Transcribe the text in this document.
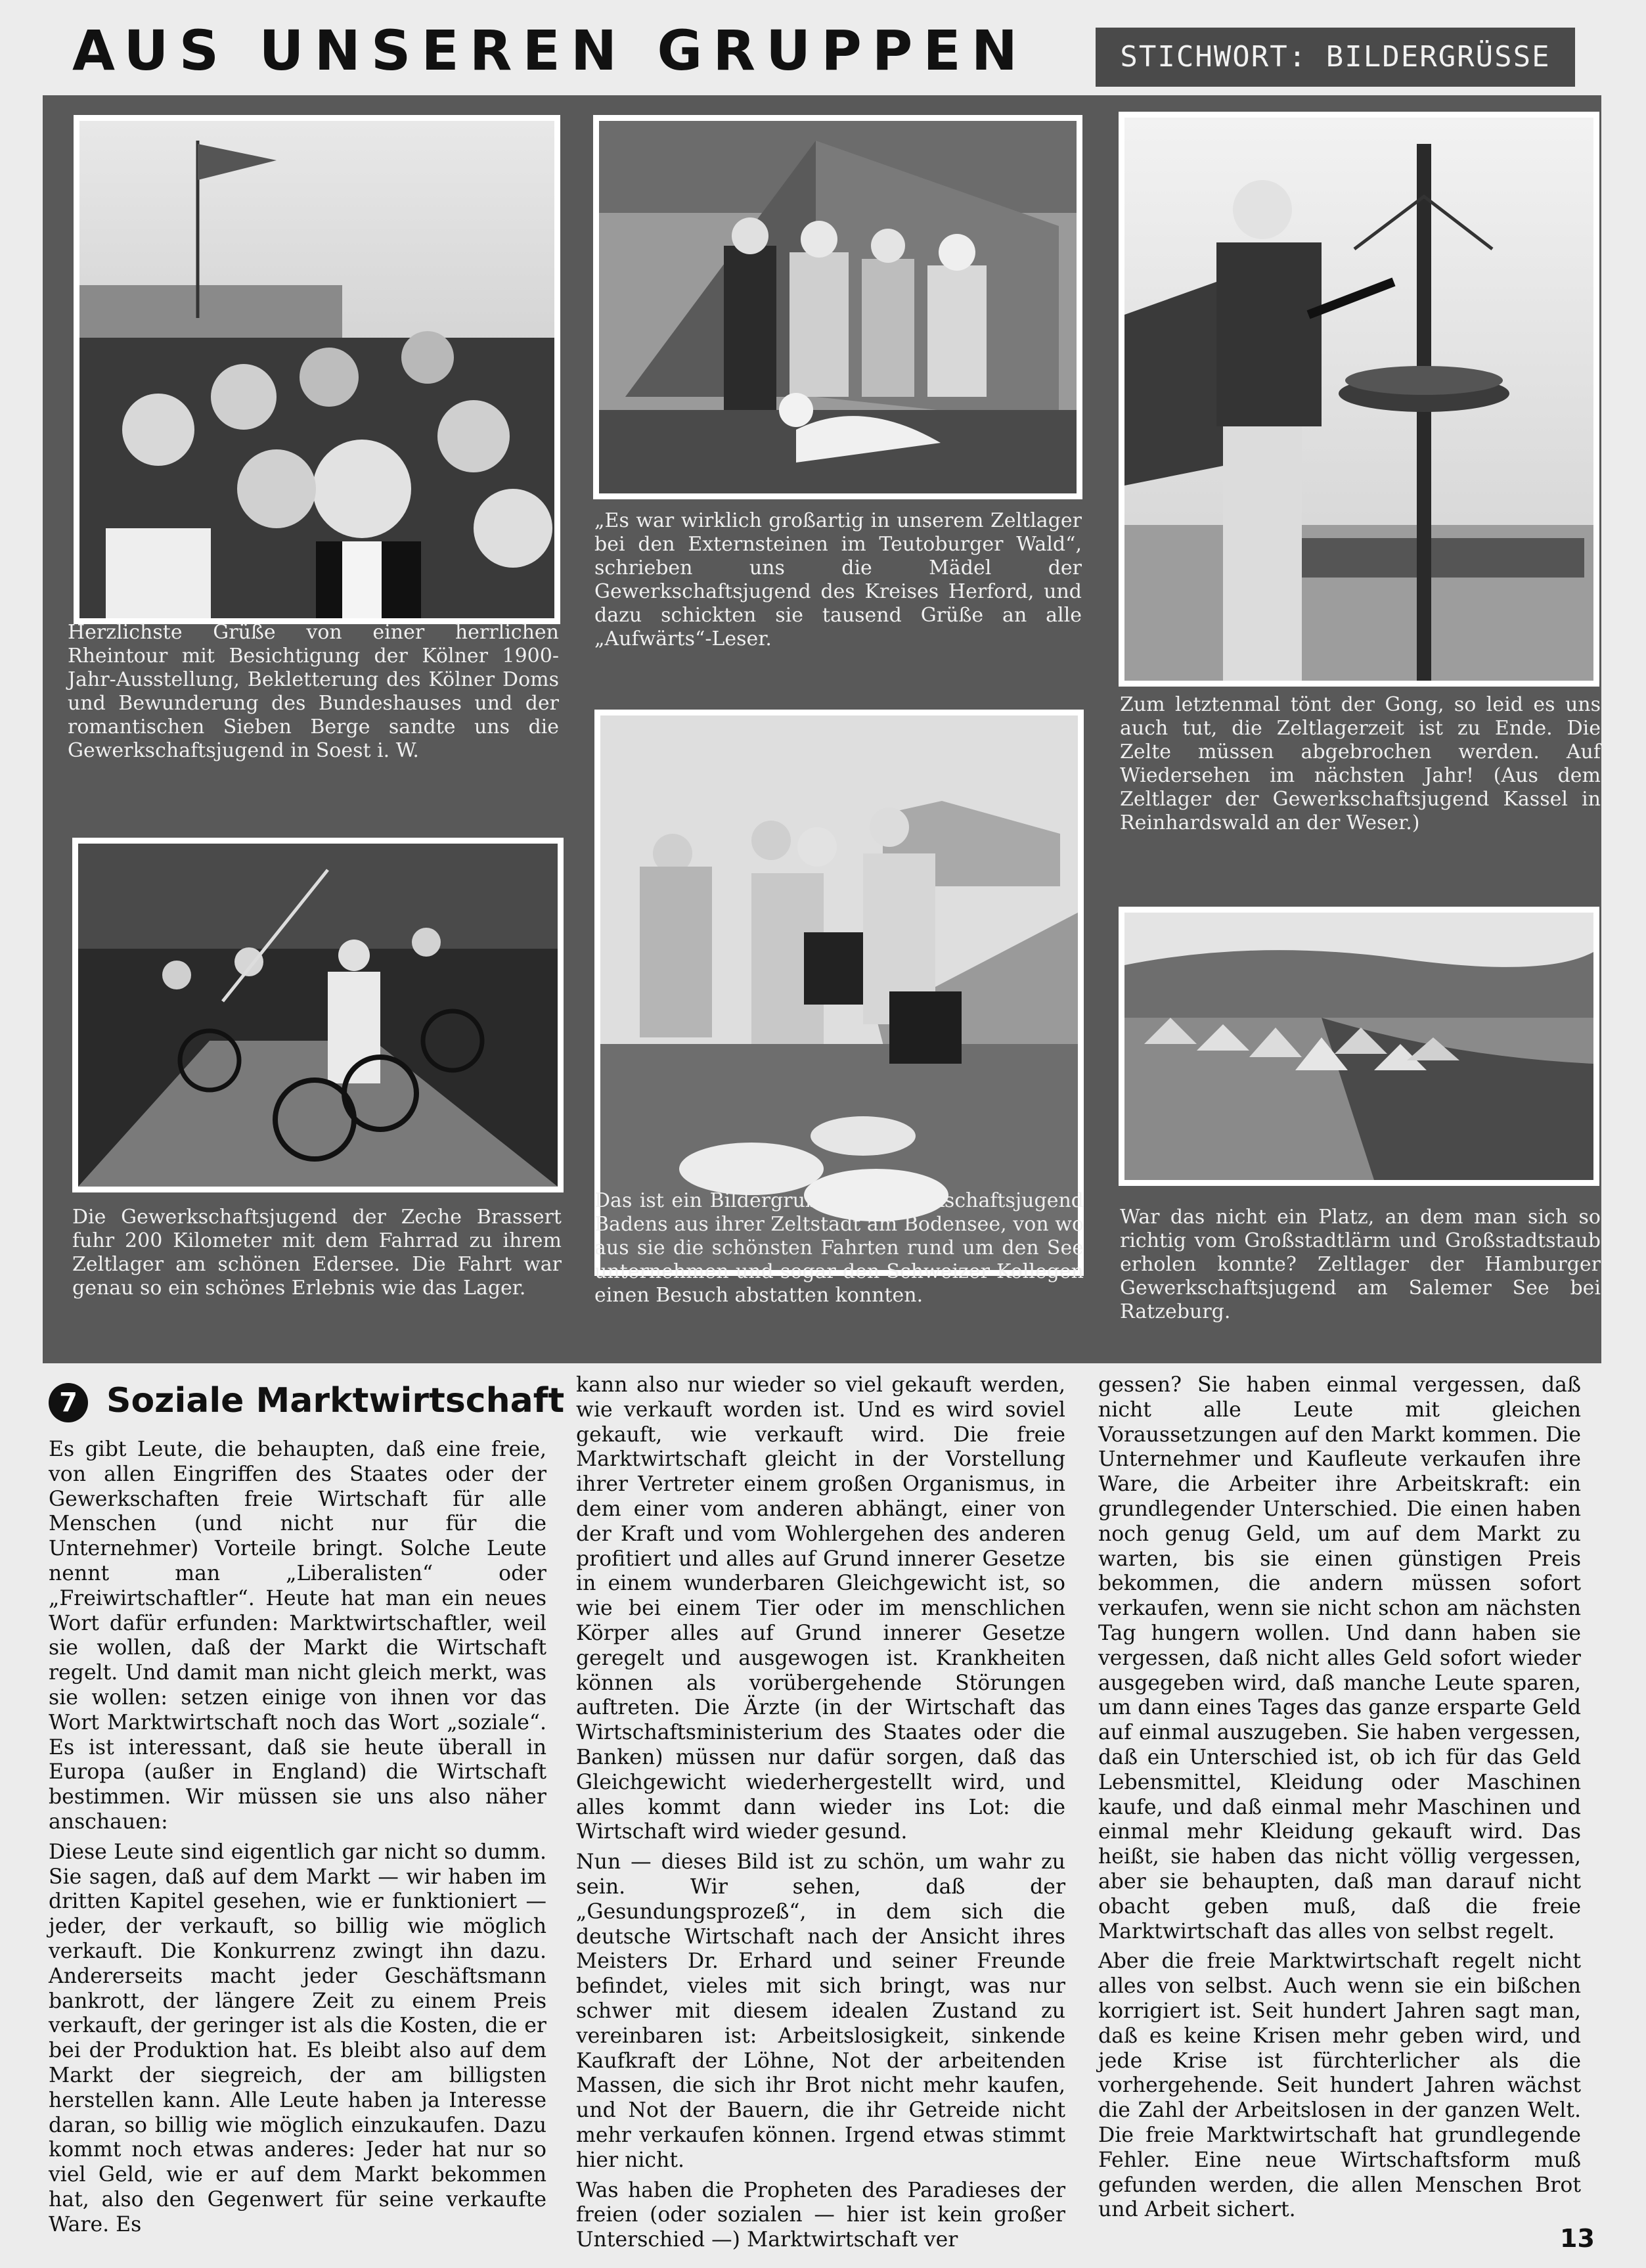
AUS UNSEREN GRUPPEN	STICHWORT: BILDERGRÜSSE
Herzlichste Grüße von einer herrlichen Rheintour mit Besichtigung der Kölner 1900-Jahr-Ausstellung, Bekletterung des Kölner Doms und Bewunderung des Bundeshauses und der romantischen Sieben Berge sandte uns die Gewerkschaftsjugend in Soest i. W.
„Es war wirklich großartig in unserem Zeltlager bei den Externsteinen im Teutoburger Wald“, schrieben uns die Mädel der Gewerkschaftsjugend des Kreises Herford, und dazu schickten sie tausend Grüße an alle „Aufwärts“-Leser.
Zum letztenmal tönt der Gong, so leid es uns auch tut, die Zeltlagerzeit ist zu Ende. Die Zelte müssen abgebrochen werden. Auf Wiedersehen im nächsten Jahr! (Aus dem Zeltlager der Gewerkschaftsjugend Kassel in Reinhardswald an der Weser.)
Die Gewerkschaftsjugend der Zeche Brassert fuhr 200 Kilometer mit dem Fahrrad zu ihrem Zeltlager am schönen Edersee. Die Fahrt war genau so ein schönes Erlebnis wie das Lager.
Das ist ein Bildergruß der Gewerkschaftsjugend Badens aus ihrer Zeltstadt am Bodensee, von wo aus sie die schönsten Fahrten rund um den See unternehmen und sogar den Schweizer Kollegen einen Besuch abstatten konnten.
War das nicht ein Platz, an dem man sich so richtig vom Großstadtlärm und Großstadtstaub erholen konnte? Zeltlager der Hamburger Gewerkschaftsjugend am Salemer See bei Ratzeburg.
7 Soziale Marktwirtschaft

Es gibt Leute, die behaupten, daß eine freie, von allen Eingriffen des Staates oder der Gewerkschaften freie Wirtschaft für alle Menschen (und nicht nur für die Unternehmer) Vorteile bringt. Solche Leute nennt man „Liberalisten“ oder „Freiwirtschaftler“. Heute hat man ein neues Wort dafür erfunden: Marktwirtschaftler, weil sie wollen, daß der Markt die Wirtschaft regelt. Und damit man nicht gleich merkt, was sie wollen: setzen einige von ihnen vor das Wort Marktwirtschaft noch das Wort „soziale“. Es ist interessant, daß sie heute überall in Europa (außer in England) die Wirtschaft bestimmen. Wir müssen sie uns also näher anschauen:

Diese Leute sind eigentlich gar nicht so dumm. Sie sagen, daß auf dem Markt — wir haben im dritten Kapitel gesehen, wie er funktioniert — jeder, der verkauft, so billig wie möglich verkauft. Die Konkurrenz zwingt ihn dazu. Andererseits macht jeder Geschäftsmann bankrott, der längere Zeit zu einem Preis verkauft, der geringer ist als die Kosten, die er bei der Produktion hat. Es bleibt also auf dem Markt der siegreich, der am billigsten herstellen kann. Alle Leute haben ja Interesse daran, so billig wie möglich einzukaufen. Dazu kommt noch etwas anderes: Jeder hat nur so viel Geld, wie er auf dem Markt bekommen hat, also den Gegenwert für seine verkaufte Ware. Es

kann also nur wieder so viel gekauft werden, wie verkauft worden ist. Und es wird soviel gekauft, wie verkauft wird. Die freie Marktwirtschaft gleicht in der Vorstellung ihrer Vertreter einem großen Organismus, in dem einer vom anderen abhängt, einer von der Kraft und vom Wohlergehen des anderen profitiert und alles auf Grund innerer Gesetze in einem wunderbaren Gleichgewicht ist, so wie bei einem Tier oder im menschlichen Körper alles auf Grund innerer Gesetze geregelt und ausgewogen ist. Krankheiten können als vorübergehende Störungen auftreten. Die Ärzte (in der Wirtschaft das Wirtschaftsministerium des Staates oder die Banken) müssen nur dafür sorgen, daß das Gleichgewicht wiederhergestellt wird, und alles kommt dann wieder ins Lot: die Wirtschaft wird wieder gesund.

Nun — dieses Bild ist zu schön, um wahr zu sein. Wir sehen, daß der „Gesundungsprozeß“, in dem sich die deutsche Wirtschaft nach der Ansicht ihres Meisters Dr. Erhard und seiner Freunde befindet, vieles mit sich bringt, was nur schwer mit diesem idealen Zustand zu vereinbaren ist: Arbeitslosigkeit, sinkende Kaufkraft der Löhne, Not der arbeitenden Massen, die sich ihr Brot nicht mehr kaufen, und Not der Bauern, die ihr Getreide nicht mehr verkaufen können. Irgend etwas stimmt hier nicht.

Was haben die Propheten des Paradieses der freien (oder sozialen — hier ist kein großer Unterschied —) Marktwirtschaft ver

gessen? Sie haben einmal vergessen, daß nicht alle Leute mit gleichen Voraussetzungen auf den Markt kommen. Die Unternehmer und Kaufleute verkaufen ihre Ware, die Arbeiter ihre Arbeitskraft: ein grundlegender Unterschied. Die einen haben noch genug Geld, um auf dem Markt zu warten, bis sie einen günstigen Preis bekommen, die andern müssen sofort verkaufen, wenn sie nicht schon am nächsten Tag hungern wollen. Und dann haben sie vergessen, daß nicht alles Geld sofort wieder ausgegeben wird, daß manche Leute sparen, um dann eines Tages das ganze ersparte Geld auf einmal auszugeben. Sie haben vergessen, daß ein Unterschied ist, ob ich für das Geld Lebensmittel, Kleidung oder Maschinen kaufe, und daß einmal mehr Maschinen und einmal mehr Kleidung gekauft wird. Das heißt, sie haben das nicht völlig vergessen, aber sie behaupten, daß man darauf nicht obacht geben muß, daß die freie Marktwirtschaft das alles von selbst regelt.

Aber die freie Marktwirtschaft regelt nicht alles von selbst. Auch wenn sie ein bißchen korrigiert ist. Seit hundert Jahren sagt man, daß es keine Krisen mehr geben wird, und jede Krise ist fürchterlicher als die vorhergehende. Seit hundert Jahren wächst die Zahl der Arbeitslosen in der ganzen Welt. Die freie Marktwirtschaft hat grundlegende Fehler. Eine neue Wirtschaftsform muß gefunden werden, die allen Menschen Brot und Arbeit sichert.

13
